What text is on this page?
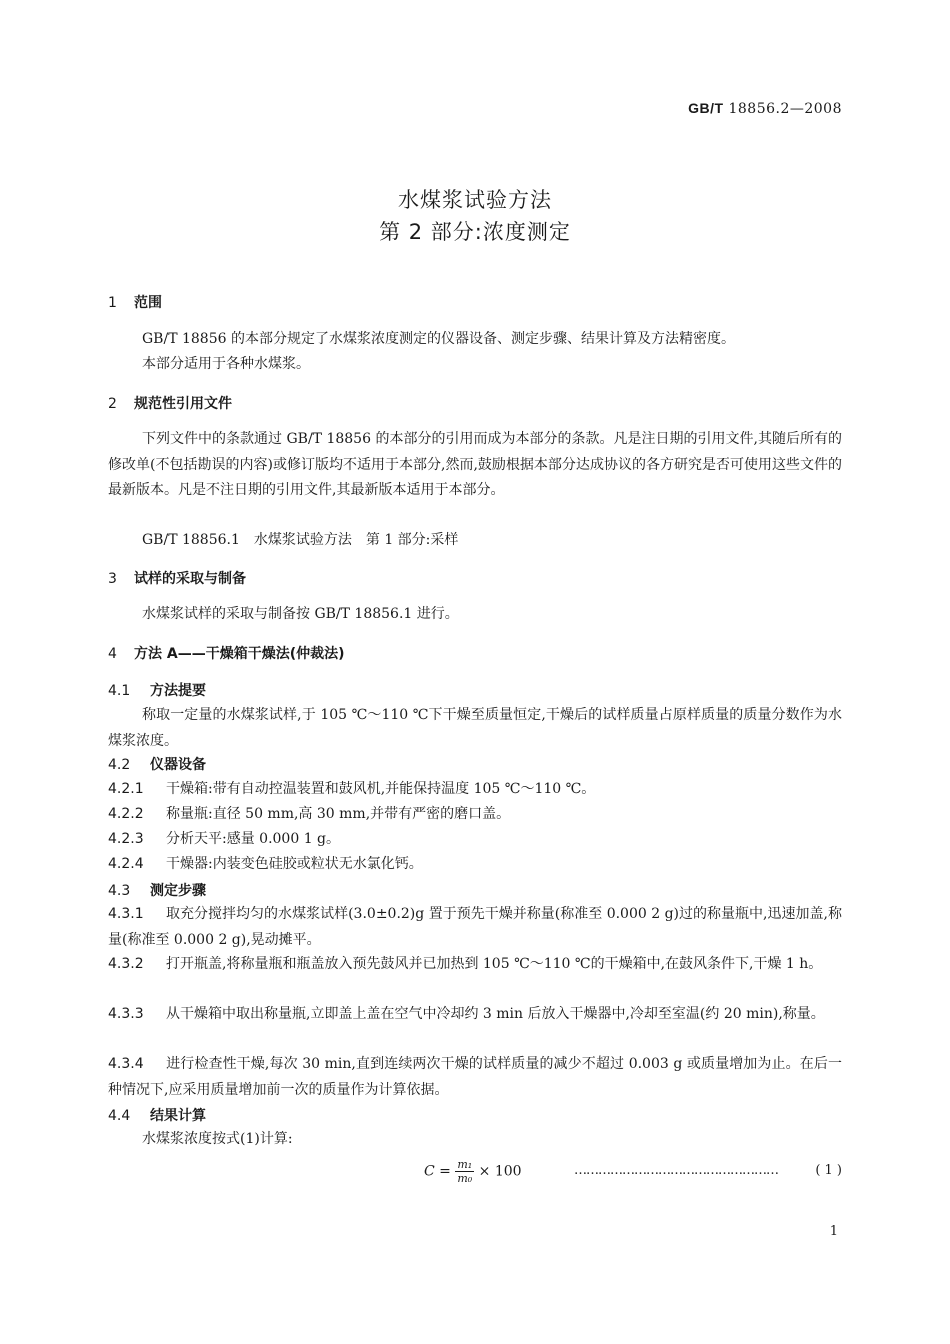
GB/T 18856.2—2008
水煤浆试验方法
第 2 部分:浓度测定
1 范围
GB/T 18856 的本部分规定了水煤浆浓度测定的仪器设备、测定步骤、结果计算及方法精密度。
本部分适用于各种水煤浆。
2 规范性引用文件
下列文件中的条款通过 GB/T 18856 的本部分的引用而成为本部分的条款。凡是注日期的引用文件,其随后所有的修改单(不包括勘误的内容)或修订版均不适用于本部分,然而,鼓励根据本部分达成协议的各方研究是否可使用这些文件的最新版本。凡是不注日期的引用文件,其最新版本适用于本部分。
GB/T 18856.1　水煤浆试验方法　第 1 部分:采样
3 试样的采取与制备
水煤浆试样的采取与制备按 GB/T 18856.1 进行。
4 方法 A——干燥箱干燥法(仲裁法)
4.1 方法提要
称取一定量的水煤浆试样,于 105 ℃～110 ℃下干燥至质量恒定,干燥后的试样质量占原样质量的质量分数作为水煤浆浓度。
4.2 仪器设备
4.2.1 干燥箱:带有自动控温装置和鼓风机,并能保持温度 105 ℃～110 ℃。
4.2.2 称量瓶:直径 50 mm,高 30 mm,并带有严密的磨口盖。
4.2.3 分析天平:感量 0.000 1 g。
4.2.4 干燥器:内装变色硅胶或粒状无水氯化钙。
4.3 测定步骤
4.3.1 取充分搅拌均匀的水煤浆试样(3.0±0.2)g 置于预先干燥并称量(称准至 0.000 2 g)过的称量瓶中,迅速加盖,称量(称准至 0.000 2 g),晃动摊平。
4.3.2 打开瓶盖,将称量瓶和瓶盖放入预先鼓风并已加热到 105 ℃～110 ℃的干燥箱中,在鼓风条件下,干燥 1 h。
4.3.3 从干燥箱中取出称量瓶,立即盖上盖在空气中冷却约 3 min 后放入干燥器中,冷却至室温(约 20 min),称量。
4.3.4 进行检查性干燥,每次 30 min,直到连续两次干燥的试样质量的减少不超过 0.003 g 或质量增加为止。在后一种情况下,应采用质量增加前一次的质量作为计算依据。
4.4 结果计算
水煤浆浓度按式(1)计算:
$C = \frac{\text{m₁}}{\text{m₀}} \times 100$	……………………………………………	( 1 )
1
